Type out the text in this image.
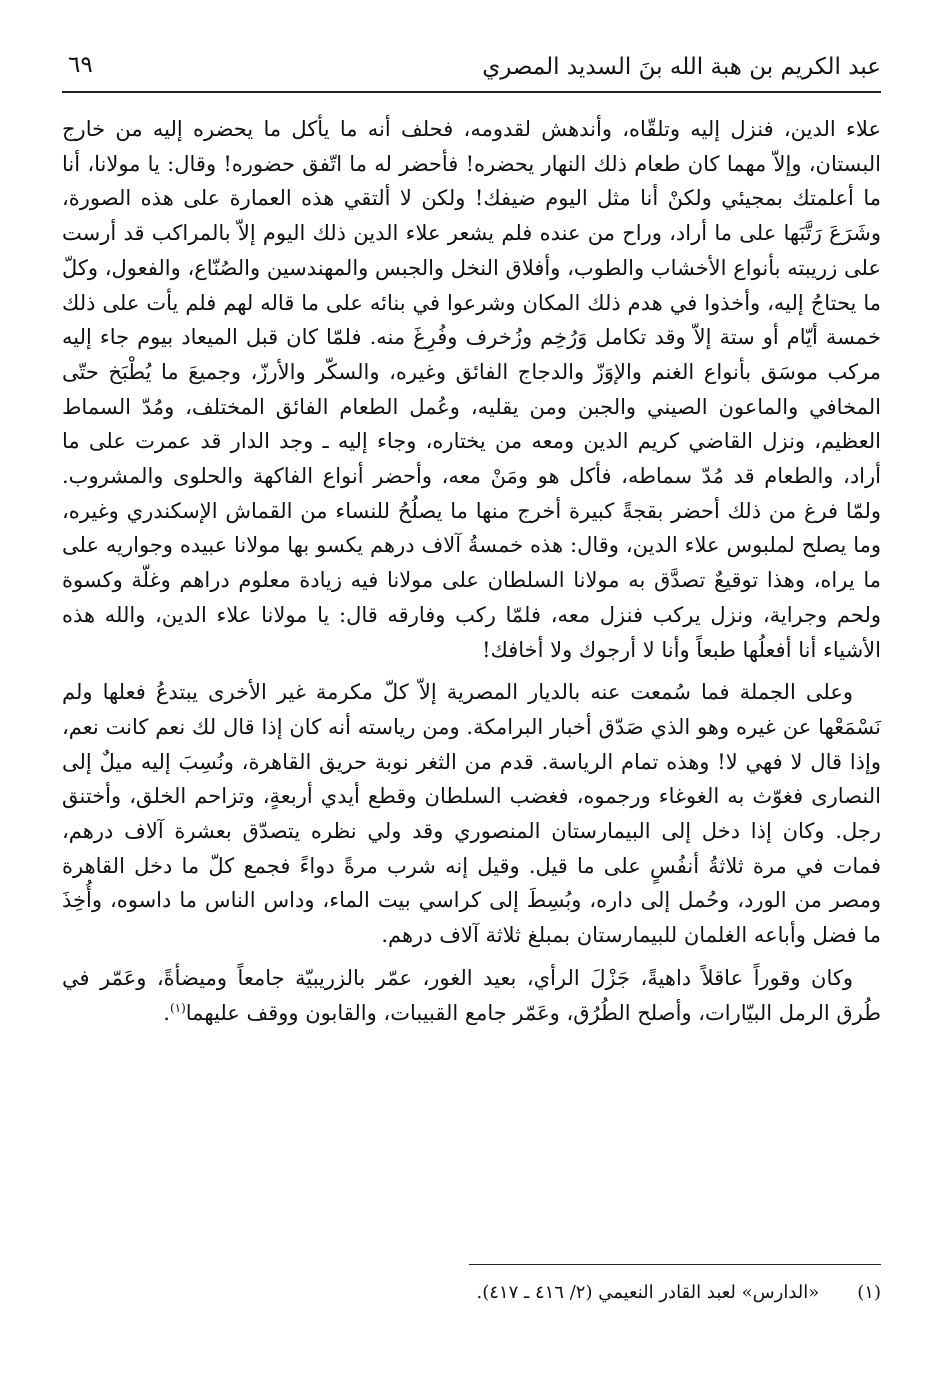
عبد الكريم بن هبة الله بنَ السديد المصري
٦٩

علاء الدين، فنزل إليه وتلقّاه، وأندهش لقدومه، فحلف أنه ما يأكل ما يحضره إليه من خارج البستان، وإلاّ مهما كان طعام ذلك النهار يحضره! فأحضر له ما اتّفق حضوره! وقال: يا مولانا، أنا ما أعلمتك بمجيئي ولكنْ أنا مثل اليوم ضيفك! ولكن لا ألتقي هذه العمارة على هذه الصورة، وشَرَعَ رَتَّبَها على ما أراد، وراح من عنده فلم يشعر علاء الدين ذلك اليوم إلاّ بالمراكب قد أرست على زريبته بأنواع الأخشاب والطوب، وأفلاق النخل والجبس والمهندسين والصُنّاع، والفعول، وكلّ ما يحتاجُ إليه، وأخذوا في هدم ذلك المكان وشرعوا في بنائه على ما قاله لهم فلم يأت على ذلك خمسة أيّام أو ستة إلاّ وقد تكامل وَرُخِم وزُخرف وفُرِغَ منه. فلمّا كان قبل الميعاد بيوم جاء إليه مركب موسَق بأنواع الغنم والإوَزّ والدجاج الفائق وغيره، والسكّر والأرزّ، وجميعَ ما يُطْبَخ حتّى المخافي والماعون الصيني والجبن ومن يقليه، وعُمل الطعام الفائق المختلف، ومُدّ السماط العظيم، ونزل القاضي كريم الدين ومعه من يختاره، وجاء إليه ـ وجد الدار قد عمرت على ما أراد، والطعام قد مُدّ سماطه، فأكل هو ومَنْ معه، وأحضر أنواع الفاكهة والحلوى والمشروب. ولمّا فرغ من ذلك أحضر بقجةً كبيرة أخرج منها ما يصلُحُ للنساء من القماش الإسكندري وغيره، وما يصلح لملبوس علاء الدين، وقال: هذه خمسةُ آلاف درهم يكسو بها مولانا عبيده وجواريه على ما يراه، وهذا توقيعٌ تصدَّق به مولانا السلطان على مولانا فيه زيادة معلوم دراهم وغلّة وكسوة ولحم وجراية، ونزل يركب فنزل معه، فلمّا ركب وفارقه قال: يا مولانا علاء الدين، والله هذه الأشياء أنا أفعلُها طبعاً وأنا لا أرجوك ولا أخافك!

وعلى الجملة فما سُمعت عنه بالديار المصرية إلاّ كلّ مكرمة غير الأخرى يبتدعُ فعلها ولم نَسْمَعْها عن غيره وهو الذي صَدّق أخبار البرامكة. ومن رياسته أنه كان إذا قال لك نعم كانت نعم، وإذا قال لا فهي لا! وهذه تمام الرياسة. قدم من الثغر نوبة حريق القاهرة، ونُسِبَ إليه ميلٌ إلى النصارى فغوّث به الغوغاء ورجموه، فغضب السلطان وقطع أيدي أربعةٍ، وتزاحم الخلق، وأختنق رجل. وكان إذا دخل إلى البيمارستان المنصوري وقد ولي نظره يتصدّق بعشرة آلاف درهم، فمات في مرة ثلاثةُ أنفُسٍ على ما قيل. وقيل إنه شرب مرةً دواءً فجمع كلّ ما دخل القاهرة ومصر من الورد، وحُمل إلى داره، وبُسِطَ إلى كراسي بيت الماء، وداس الناس ما داسوه، وأُخِذَ ما فضل وأباعه الغلمان للبيمارستان بمبلغ ثلاثة آلاف درهم.

وكان وقوراً عاقلاً داهيةً، جَزْلَ الرأي، بعيد الغور، عمّر بالزريبيّة جامعاً وميضأةً، وعَمّر في طُرق الرمل البيّارات، وأصلح الطُرُق، وعَمّر جامع القبيبات، والقابون ووقف عليهما$^{(١)}$.

(١)«الدارس» لعبد القادر النعيمي (٢/ ٤١٦ ـ ٤١٧).
